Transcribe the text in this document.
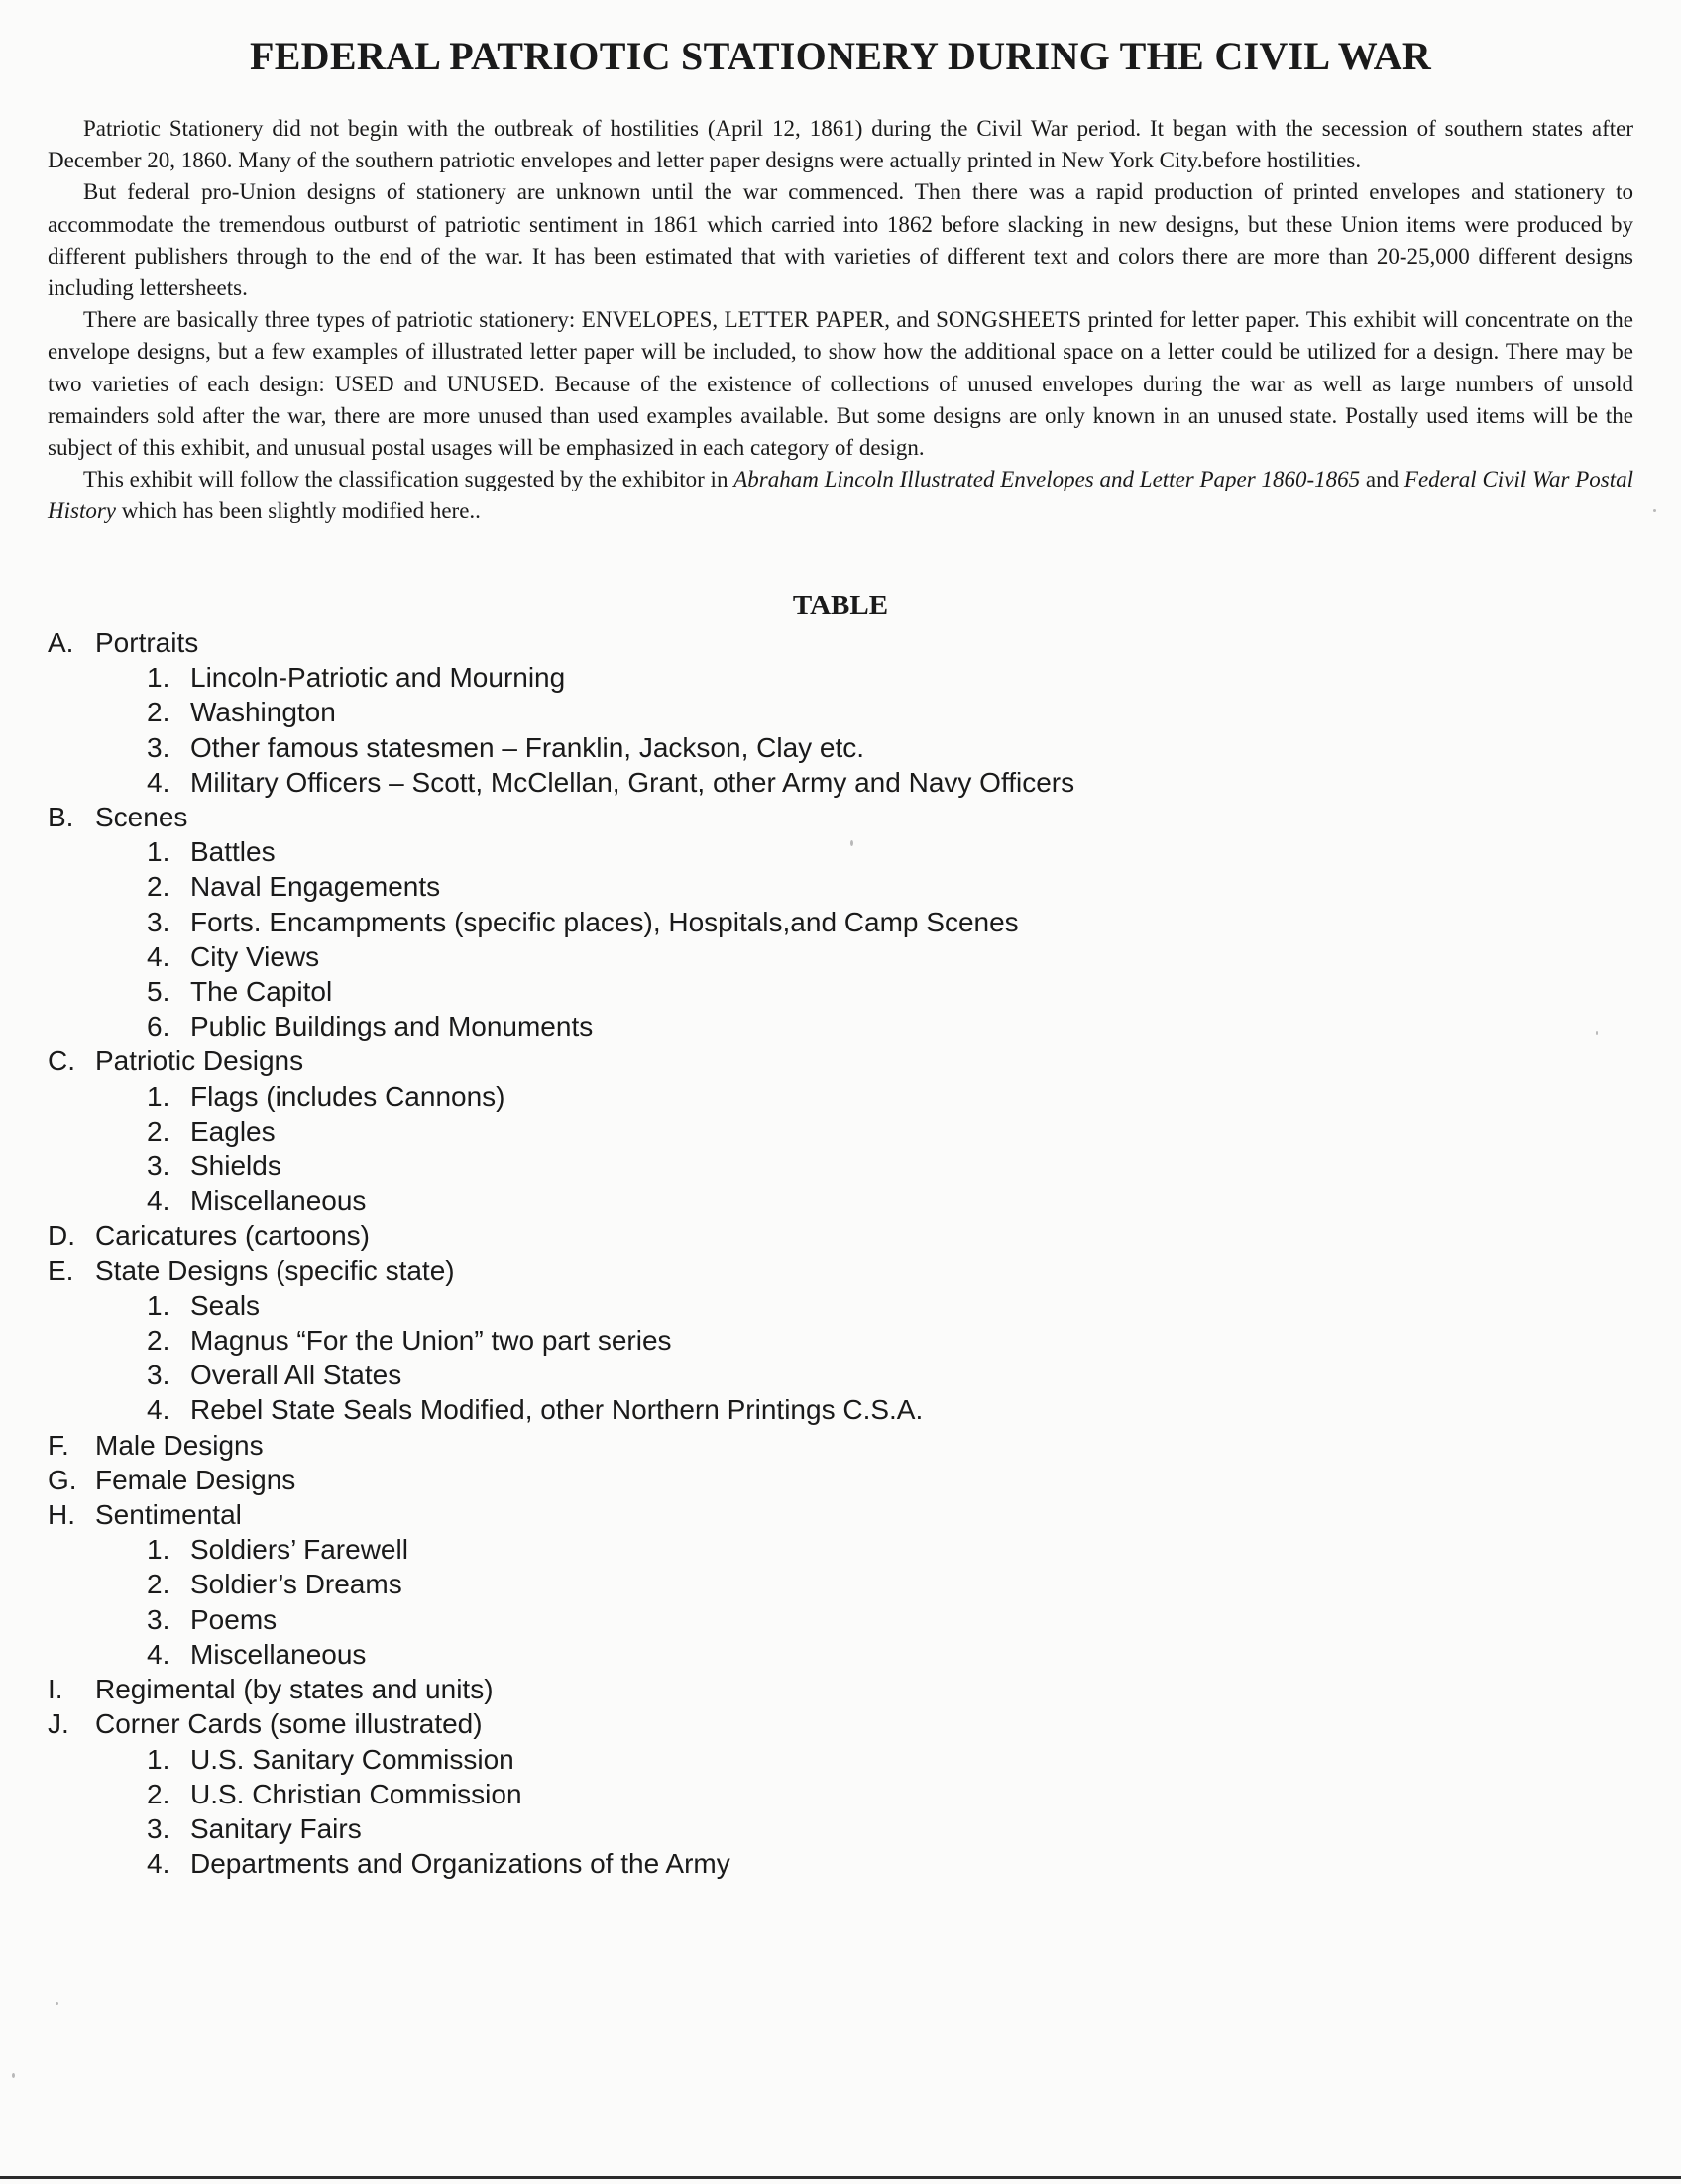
FEDERAL PATRIOTIC STATIONERY DURING THE CIVIL WAR

Patriotic Stationery did not begin with the outbreak of hostilities (April 12, 1861) during the Civil War period. It began with the secession of southern states after December 20, 1860. Many of the southern patriotic envelopes and letter paper designs were actually printed in New York City.before hostilities.

But federal pro-Union designs of stationery are unknown until the war commenced. Then there was a rapid production of printed envelopes and stationery to accommodate the tremendous outburst of patriotic sentiment in 1861 which carried into 1862 before slacking in new designs, but these Union items were produced by different publishers through to the end of the war. It has been estimated that with varieties of different text and colors there are more than 20-25,000 different designs including lettersheets.

There are basically three types of patriotic stationery: ENVELOPES, LETTER PAPER, and SONGSHEETS printed for letter paper. This exhibit will concentrate on the envelope designs, but a few examples of illustrated letter paper will be included, to show how the additional space on a letter could be utilized for a design. There may be two varieties of each design: USED and UNUSED. Because of the existence of collections of unused envelopes during the war as well as large numbers of unsold remainders sold after the war, there are more unused than used examples available. But some designs are only known in an unused state. Postally used items will be the subject of this exhibit, and unusual postal usages will be emphasized in each category of design.

This exhibit will follow the classification suggested by the exhibitor in Abraham Lincoln Illustrated Envelopes and Letter Paper 1860-1865 and Federal Civil War Postal History which has been slightly modified here..

TABLE
A. Portraits
1. Lincoln-Patriotic and Mourning
2. Washington
3. Other famous statesmen – Franklin, Jackson, Clay etc.
4. Military Officers – Scott, McClellan, Grant, other Army and Navy Officers
B. Scenes
1. Battles
2. Naval Engagements
3. Forts. Encampments (specific places), Hospitals,and Camp Scenes
4. City Views
5. The Capitol
6. Public Buildings and Monuments
C. Patriotic Designs
1. Flags (includes Cannons)
2. Eagles
3. Shields
4. Miscellaneous
D. Caricatures (cartoons)
E. State Designs (specific state)
1. Seals
2. Magnus “For the Union” two part series
3. Overall All States
4. Rebel State Seals Modified, other Northern Printings C.S.A.
F. Male Designs
G. Female Designs
H. Sentimental
1. Soldiers’ Farewell
2. Soldier’s Dreams
3. Poems
4. Miscellaneous
I.	Regimental (by states and units)
J. Corner Cards (some illustrated)
1. U.S. Sanitary Commission
2. U.S. Christian Commission
3. Sanitary Fairs
4. Departments and Organizations of the Army
